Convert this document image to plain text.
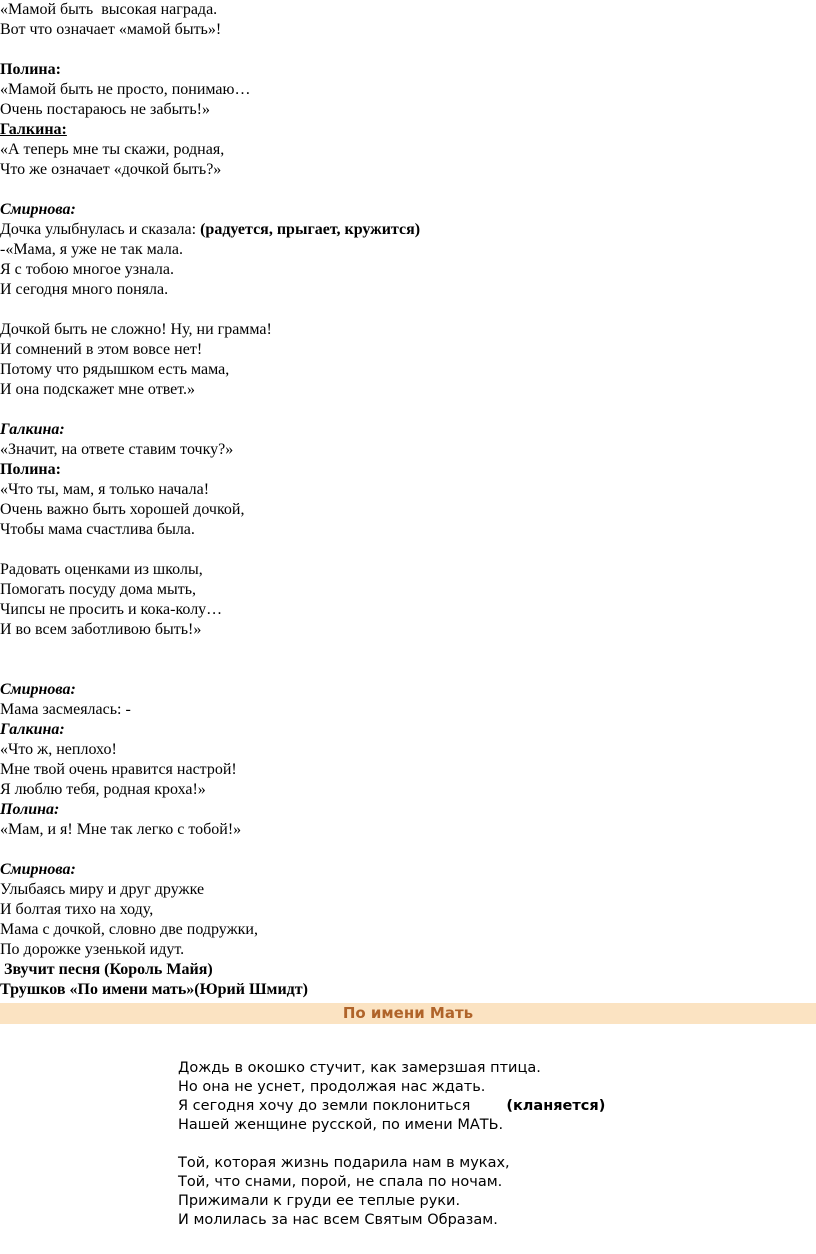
«Мамой быть  высокая награда.

Вот что означает «мамой быть»!

Полина:

«Мамой быть не просто, понимаю…

Очень постараюсь не забыть!»

Галкина:

«А теперь мне ты скажи, родная,

Что же означает «дочкой быть?»

Смирнова:

Дочка улыбнулась и сказала: (радуется, прыгает, кружится)

-«Мама, я уже не так мала.

Я с тобою многое узнала.

И сегодня много поняла.

Дочкой быть не сложно! Ну, ни грамма!

И сомнений в этом вовсе нет!

Потому что рядышком есть мама,

И она подскажет мне ответ.»

Галкина:

«Значит, на ответе ставим точку?»

Полина:

«Что ты, мам, я только начала!

Очень важно быть хорошей дочкой,

Чтобы мама счастлива была.

Радовать оценками из школы,

Помогать посуду дома мыть,

Чипсы не просить и кока-колу…

И во всем заботливою быть!»

Смирнова:

Мама засмеялась: -

Галкина:

«Что ж, неплохо!

Мне твой очень нравится настрой!

Я люблю тебя, родная кроха!»

Полина:

«Мам, и я! Мне так легко с тобой!»

Смирнова:

Улыбаясь миру и друг дружке

И болтая тихо на ходу,

Мама с дочкой, словно две подружки,

По дорожке узенькой идут.

Звучит песня (Король Майя)

Трушков «По имени мать»(Юрий Шмидт)

По имени Мать

Дождь в окошко стучит, как замерзшая птица.

Но она не уснет, продолжая нас ждать.

Я сегодня хочу до земли поклониться (кланяется)

Нашей женщине русской, по имени МАТЬ.

Той, которая жизнь подарила нам в муках,

Той, что снами, порой, не спала по ночам.

Прижимали к груди ее теплые руки.

И молилась за нас всем Святым Образам.
